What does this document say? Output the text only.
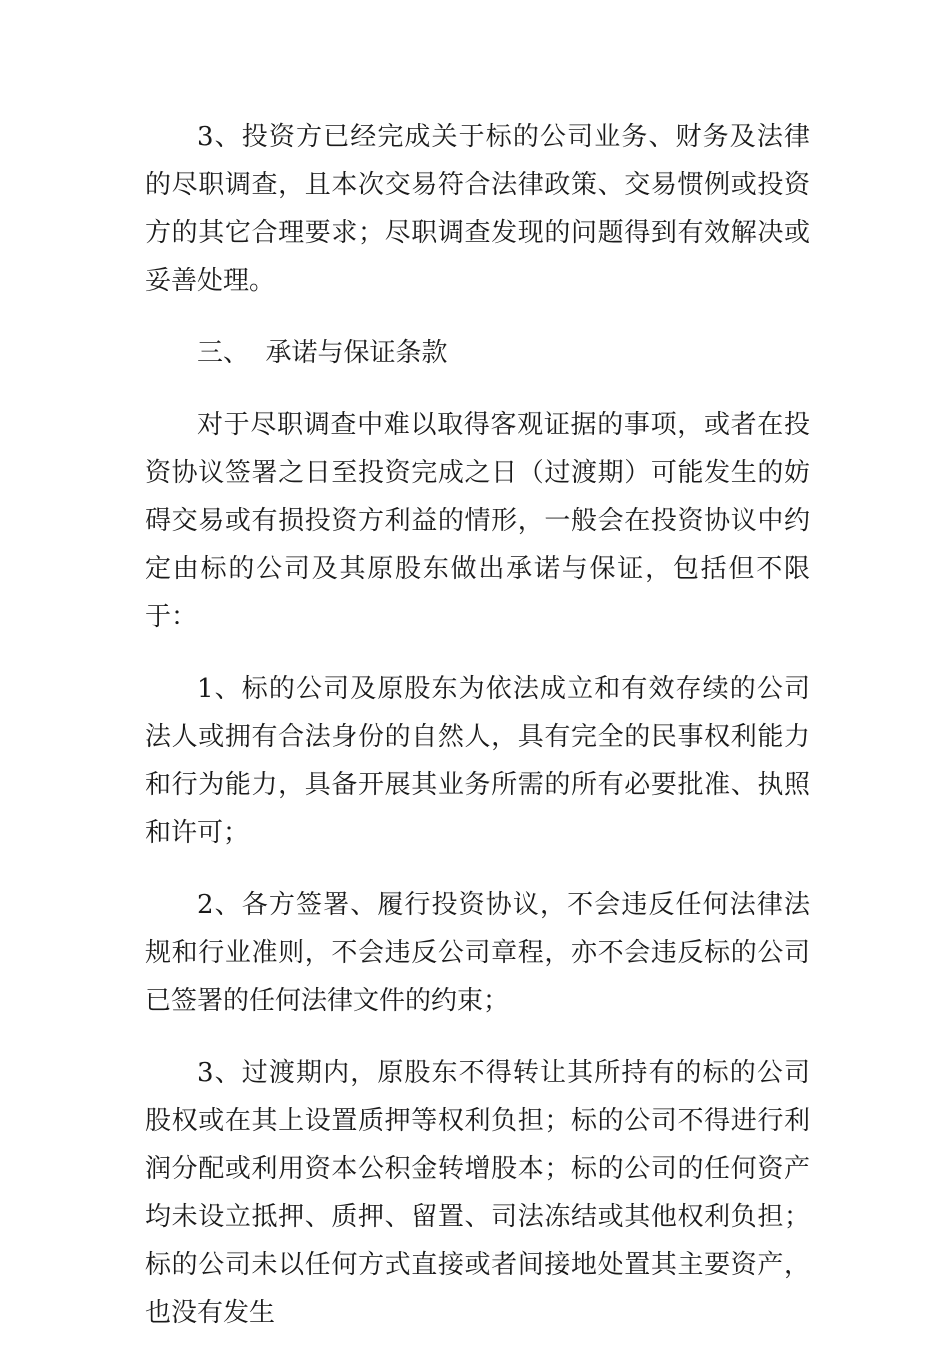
3、投资方已经完成关于标的公司业务、财务及法律的尽职调查，且本次交易符合法律政策、交易惯例或投资方的其它合理要求；尽职调查发现的问题得到有效解决或妥善处理。

三、  承诺与保证条款

对于尽职调查中难以取得客观证据的事项，或者在投资协议签署之日至投资完成之日（过渡期）可能发生的妨碍交易或有损投资方利益的情形，一般会在投资协议中约定由标的公司及其原股东做出承诺与保证，包括但不限于：

1、标的公司及原股东为依法成立和有效存续的公司法人或拥有合法身份的自然人，具有完全的民事权利能力和行为能力，具备开展其业务所需的所有必要批准、执照和许可；

2、各方签署、履行投资协议，不会违反任何法律法规和行业准则，不会违反公司章程，亦不会违反标的公司已签署的任何法律文件的约束；

3、过渡期内，原股东不得转让其所持有的标的公司股权或在其上设置质押等权利负担；标的公司不得进行利润分配或利用资本公积金转增股本；标的公司的任何资产均未设立抵押、质押、留置、司法冻结或其他权利负担；标的公司未以任何方式直接或者间接地处置其主要资产，也没有发生
